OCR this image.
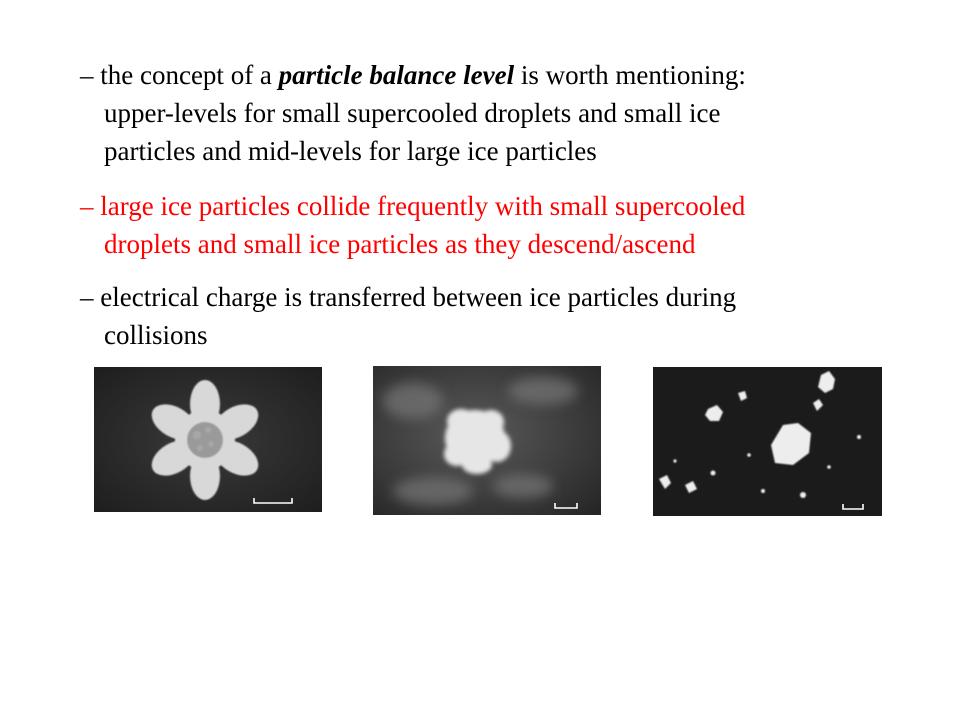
– the concept of a particle balance level is worth mentioning:
upper-levels for small supercooled droplets and small ice
particles and mid-levels for large ice particles

– large ice particles collide frequently with small supercooled
droplets and small ice particles as they descend/ascend

– electrical charge is transferred between ice particles during
collisions
